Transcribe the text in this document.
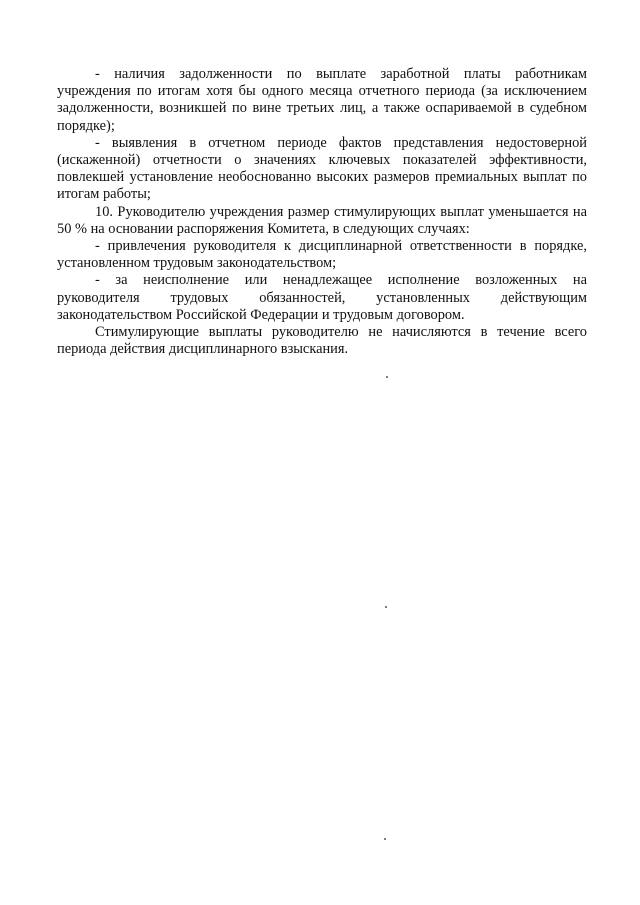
- наличия задолженности по выплате заработной платы работникам учреждения по итогам хотя бы одного месяца отчетного периода (за исключением задолженности, возникшей по вине третьих лиц, а также оспариваемой в судебном порядке);

- выявления в отчетном периоде фактов представления недостоверной (искаженной) отчетности о значениях ключевых показателей эффективности, повлекшей установление необоснованно высоких размеров премиальных выплат по итогам работы;

10. Руководителю учреждения размер стимулирующих выплат уменьшается на 50 % на основании распоряжения Комитета, в следующих случаях:

- привлечения руководителя к дисциплинарной ответственности в порядке, установленном трудовым законодательством;

- за неисполнение или ненадлежащее исполнение возложенных на руководителя трудовых обязанностей, установленных действующим законодательством Российской Федерации и трудовым договором.

Стимулирующие выплаты руководителю не начисляются в течение всего периода действия дисциплинарного взыскания.
